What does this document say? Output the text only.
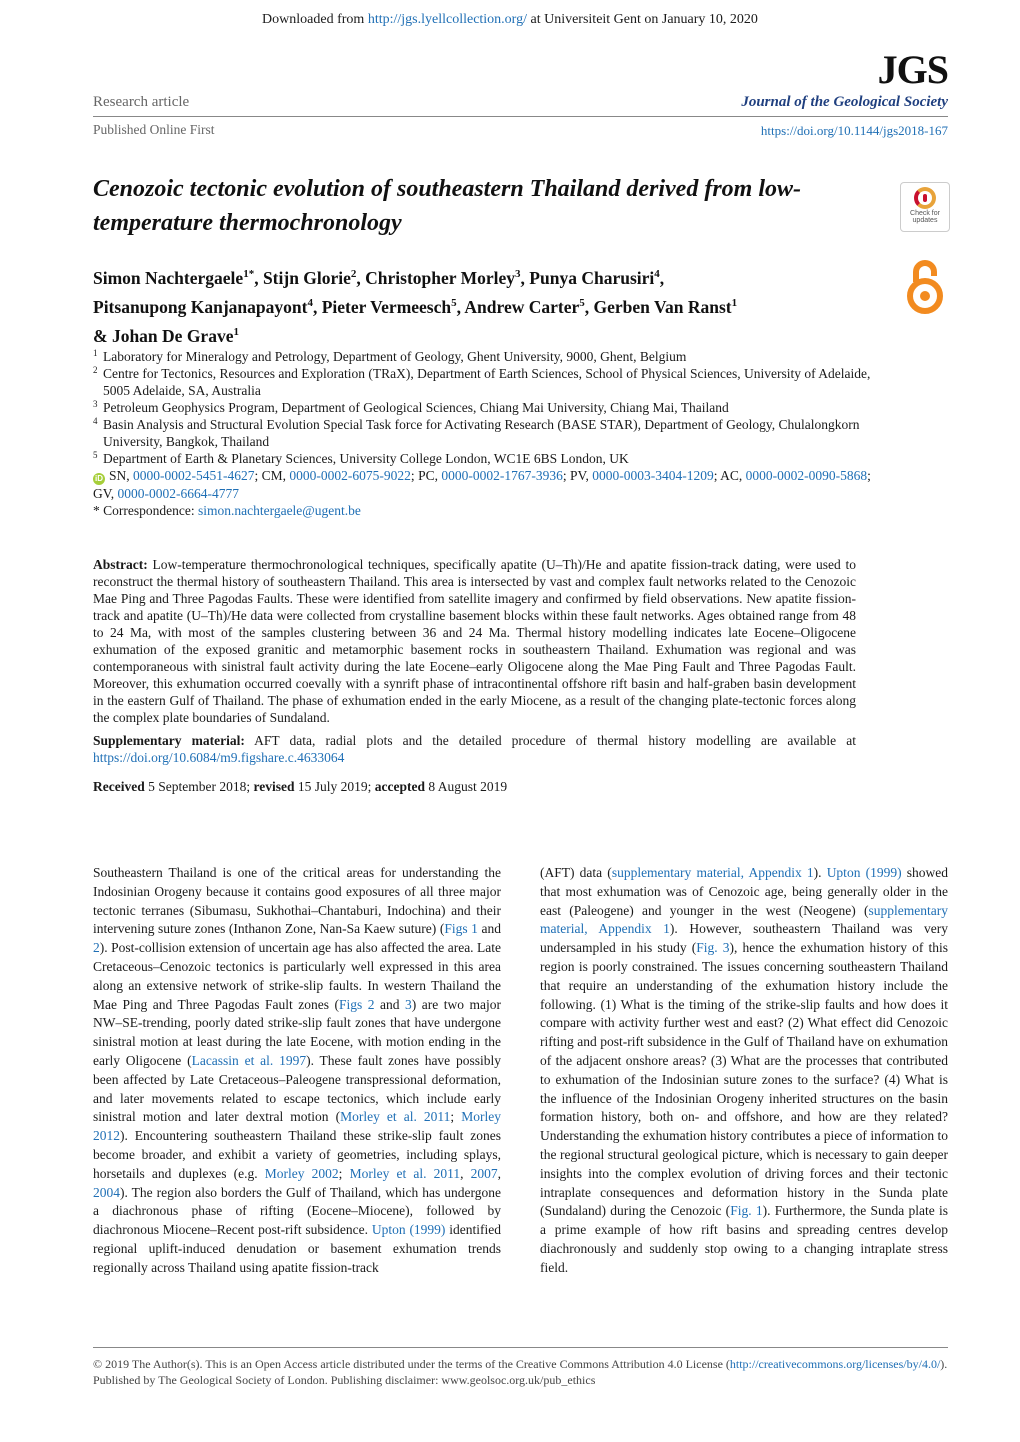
Downloaded from http://jgs.lyellcollection.org/ at Universiteit Gent on January 10, 2020
JGS
Research article	Journal of the Geological Society
Published Online First	https://doi.org/10.1144/jgs2018-167
Cenozoic tectonic evolution of southeastern Thailand derived from low-temperature thermochronology	Check for updates
Simon Nachtergaele$^{1*}$, Stijn Glorie$^2$, Christopher Morley$^3$, Punya Charusiri$^4$,
Pitsanupong Kanjanapayont$^4$, Pieter Vermeesch$^5$, Andrew Carter$^5$, Gerben Van Ranst$^1$
& Johan De Grave$^1$
1 Laboratory for Mineralogy and Petrology, Department of Geology, Ghent University, 9000, Ghent, Belgium
2 Centre for Tectonics, Resources and Exploration (TRaX), Department of Earth Sciences, School of Physical Sciences, University of Adelaide, 5005 Adelaide, SA, Australia
3 Petroleum Geophysics Program, Department of Geological Sciences, Chiang Mai University, Chiang Mai, Thailand
4 Basin Analysis and Structural Evolution Special Task force for Activating Research (BASE STAR), Department of Geology, Chulalongkorn University, Bangkok, Thailand
5 Department of Earth & Planetary Sciences, University College London, WC1E 6BS London, UK
iD SN, 0000-0002-5451-4627; CM, 0000-0002-6075-9022; PC, 0000-0002-1767-3936; PV, 0000-0003-3404-1209; AC, 0000-0002-0090-5868; GV, 0000-0002-6664-4777
* Correspondence: simon.nachtergaele@ugent.be

Abstract: Low-temperature thermochronological techniques, specifically apatite (U–Th)/He and apatite fission-track dating, were used to reconstruct the thermal history of southeastern Thailand. This area is intersected by vast and complex fault networks related to the Cenozoic Mae Ping and Three Pagodas Faults. These were identified from satellite imagery and confirmed by field observations. New apatite fission-track and apatite (U–Th)/He data were collected from crystalline basement blocks within these fault networks. Ages obtained range from 48 to 24 Ma, with most of the samples clustering between 36 and 24 Ma. Thermal history modelling indicates late Eocene–Oligocene exhumation of the exposed granitic and metamorphic basement rocks in southeastern Thailand. Exhumation was regional and was contemporaneous with sinistral fault activity during the late Eocene–early Oligocene along the Mae Ping Fault and Three Pagodas Fault. Moreover, this exhumation occurred coevally with a synrift phase of intracontinental offshore rift basin and half-graben basin development in the eastern Gulf of Thailand. The phase of exhumation ended in the early Miocene, as a result of the changing plate-tectonic forces along the complex plate boundaries of Sundaland.

Supplementary material: AFT data, radial plots and the detailed procedure of thermal history modelling are available at https://doi.org/10.6084/m9.figshare.c.4633064

Received 5 September 2018; revised 15 July 2019; accepted 8 August 2019

Southeastern Thailand is one of the critical areas for understanding the Indosinian Orogeny because it contains good exposures of all three major tectonic terranes (Sibumasu, Sukhothai–Chantaburi, Indochina) and their intervening suture zones (Inthanon Zone, Nan-Sa Kaew suture) (Figs 1 and 2). Post-collision extension of uncertain age has also affected the area. Late Cretaceous–Cenozoic tectonics is particularly well expressed in this area along an extensive network of strike-slip faults. In western Thailand the Mae Ping and Three Pagodas Fault zones (Figs 2 and 3) are two major NW–SE-trending, poorly dated strike-slip fault zones that have undergone sinistral motion at least during the late Eocene, with motion ending in the early Oligocene (Lacassin et al. 1997). These fault zones have possibly been affected by Late Cretaceous–Paleogene transpressional deformation, and later movements related to escape tectonics, which include early sinistral motion and later dextral motion (Morley et al. 2011; Morley 2012). Encountering southeastern Thailand these strike-slip fault zones become broader, and exhibit a variety of geometries, including splays, horsetails and duplexes (e.g. Morley 2002; Morley et al. 2011, 2007, 2004). The region also borders the Gulf of Thailand, which has undergone a diachronous phase of rifting (Eocene–Miocene), followed by diachronous Miocene–Recent post-rift subsidence. Upton (1999) identified regional uplift-induced denudation or basement exhumation trends regionally across Thailand using apatite fission-track
(AFT) data (supplementary material, Appendix 1). Upton (1999) showed that most exhumation was of Cenozoic age, being generally older in the east (Paleogene) and younger in the west (Neogene) (supplementary material, Appendix 1). However, southeastern Thailand was very undersampled in his study (Fig. 3), hence the exhumation history of this region is poorly constrained. The issues concerning southeastern Thailand that require an understanding of the exhumation history include the following. (1) What is the timing of the strike-slip faults and how does it compare with activity further west and east? (2) What effect did Cenozoic rifting and post-rift subsidence in the Gulf of Thailand have on exhumation of the adjacent onshore areas? (3) What are the processes that contributed to exhumation of the Indosinian suture zones to the surface? (4) What is the influence of the Indosinian Orogeny inherited structures on the basin formation history, both on- and offshore, and how are they related? Understanding the exhumation history contributes a piece of information to the regional structural geological picture, which is necessary to gain deeper insights into the complex evolution of driving forces and their tectonic intraplate consequences and deformation history in the Sunda plate (Sundaland) during the Cenozoic (Fig. 1). Furthermore, the Sunda plate is a prime example of how rift basins and spreading centres develop diachronously and suddenly stop owing to a changing intraplate stress field.
© 2019 The Author(s). This is an Open Access article distributed under the terms of the Creative Commons Attribution 4.0 License (http://creativecommons.org/licenses/by/4.0/). Published by The Geological Society of London. Publishing disclaimer: www.geolsoc.org.uk/pub_ethics
